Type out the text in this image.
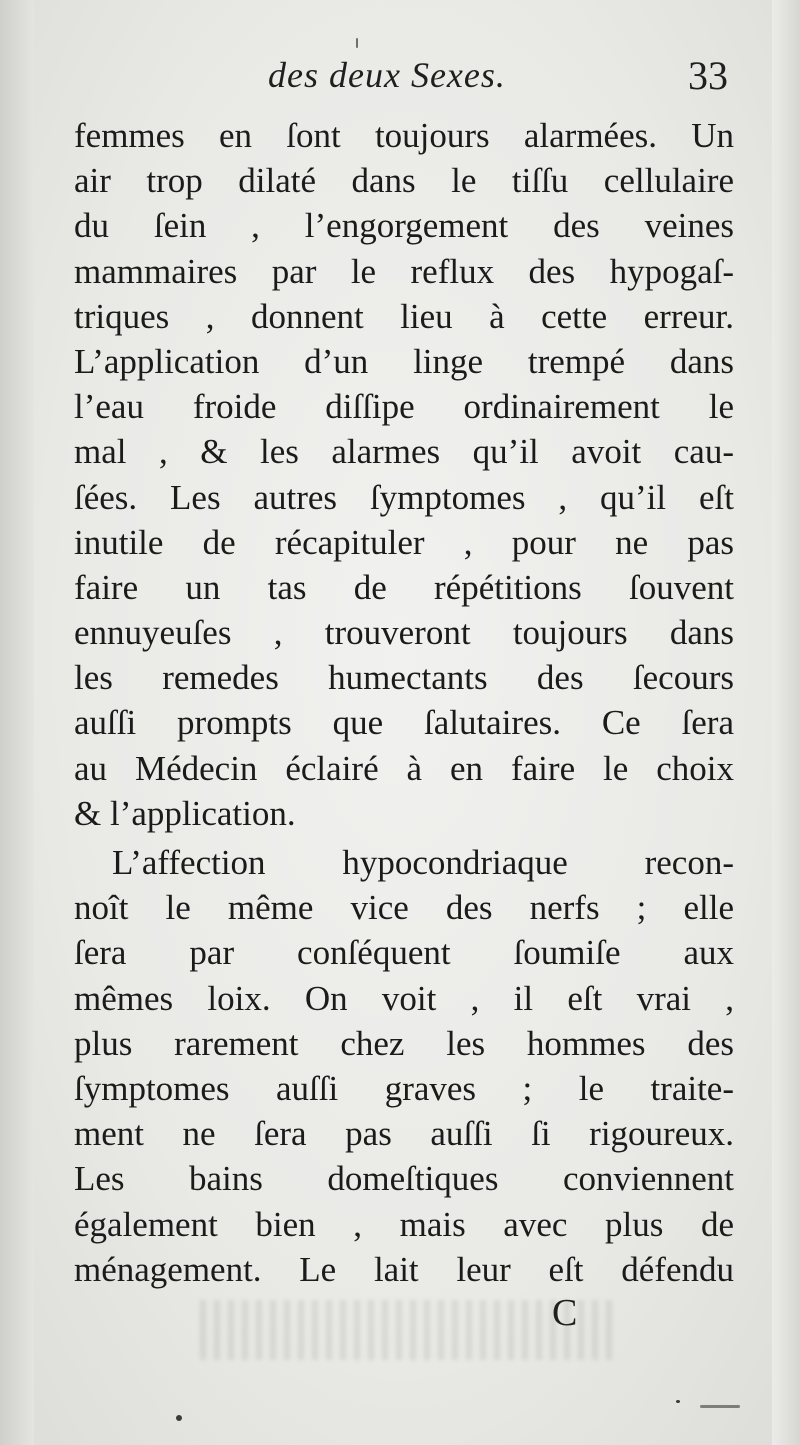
des deux Sexes.	33
femmes en ſont toujours alarmées. Un
air trop dilaté dans le tiſſu cellulaire
du ſein , l’engorgement des veines
mammaires par le reflux des hypogaſ-
triques , donnent lieu à cette erreur.
L’application d’un linge trempé dans
l’eau froide diſſipe ordinairement le
mal , & les alarmes qu’il avoit cau-
ſées. Les autres ſymptomes , qu’il eſt
inutile de récapituler , pour ne pas
faire un tas de répétitions ſouvent
ennuyeuſes , trouveront toujours dans
les remedes humectants des ſecours
auſſi prompts que ſalutaires. Ce ſera
au Médecin éclairé à en faire le choix
& l’application.
L’affection hypocondriaque recon-
noît le même vice des nerfs ; elle
ſera par conſéquent ſoumiſe aux
mêmes loix. On voit , il eſt vrai ,
plus rarement chez les hommes des
ſymptomes auſſi graves ; le traite-
ment ne ſera pas auſſi ſi rigoureux.
Les bains domeſtiques conviennent
également bien , mais avec plus de
ménagement. Le lait leur eſt défendu
C
